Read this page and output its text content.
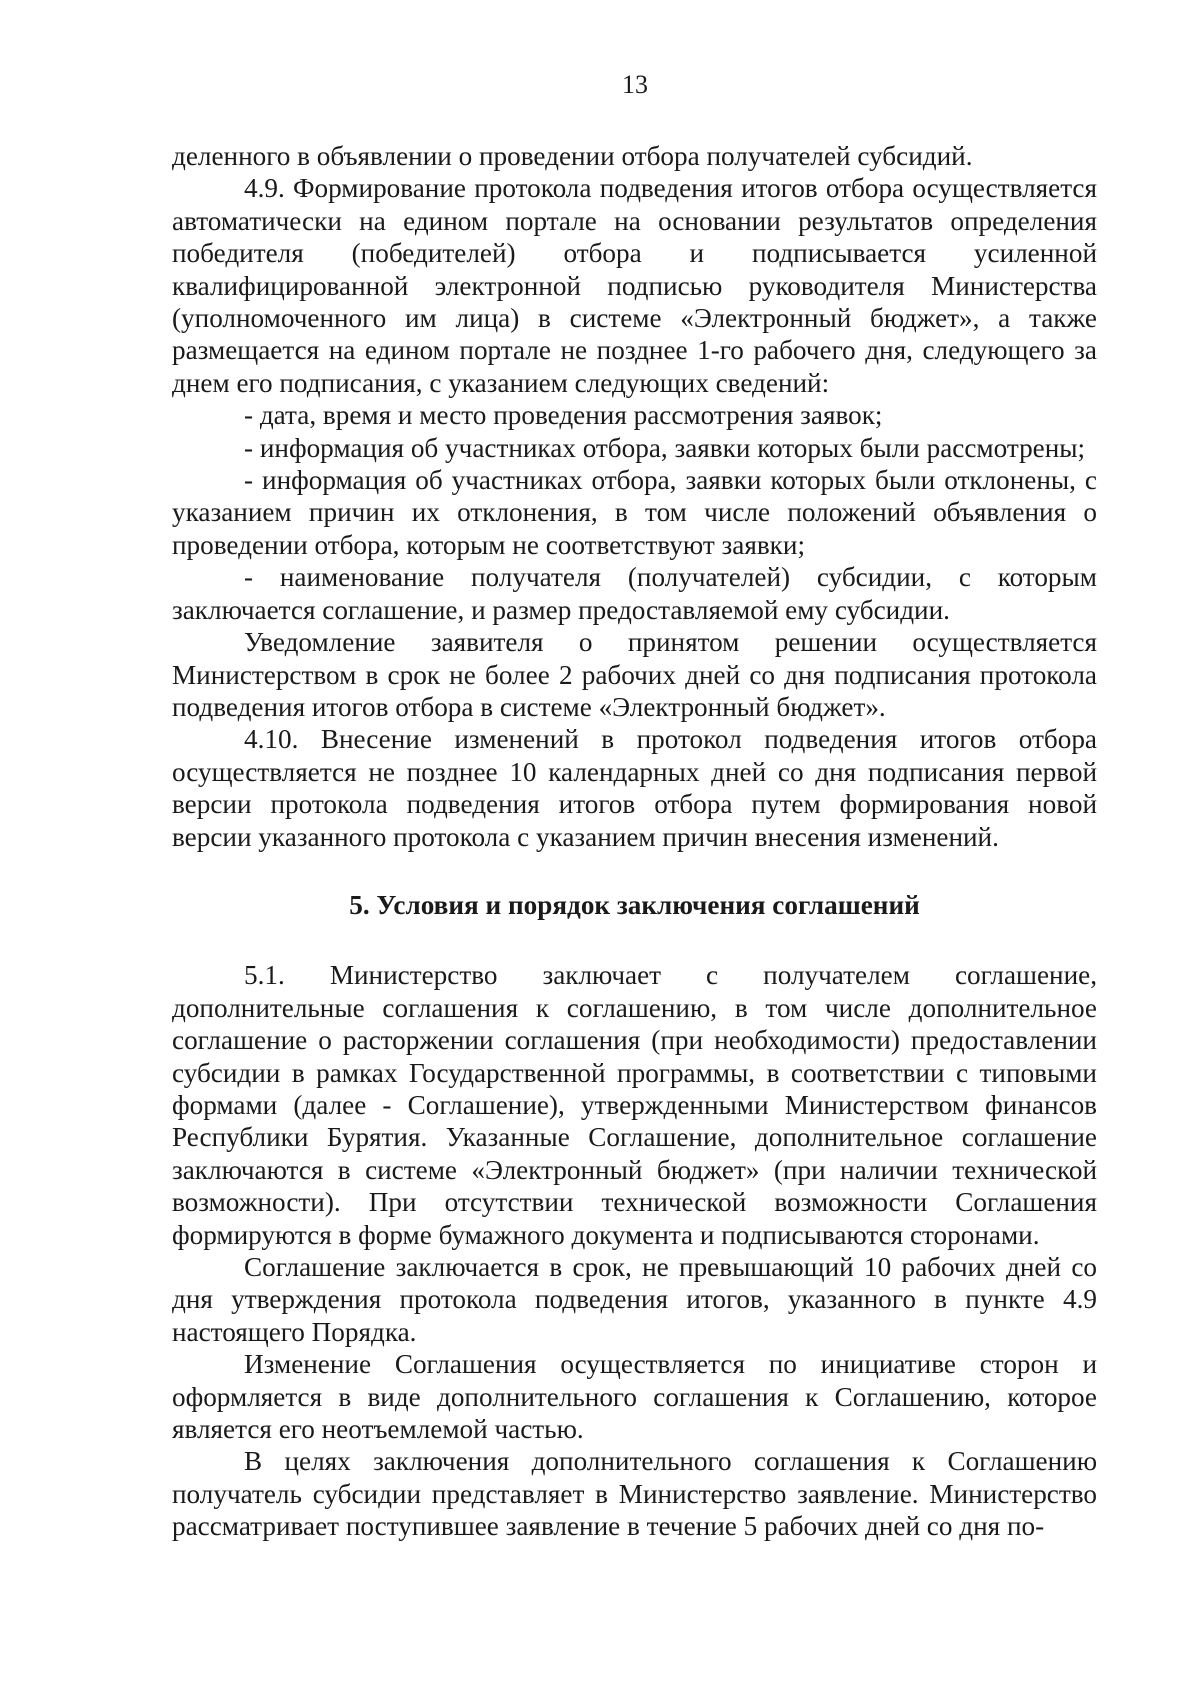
13

деленного в объявлении о проведении отбора получателей субсидий.

4.9. Формирование протокола подведения итогов отбора осуществляется автоматически на едином портале на основании результатов определения победителя (победителей) отбора и подписывается усиленной квалифицированной электронной подписью руководителя Министерства (уполномоченного им лица) в системе «Электронный бюджет», а также размещается на едином портале не позднее 1-го рабочего дня, следующего за днем его подписания, с указанием следующих сведений:

- дата, время и место проведения рассмотрения заявок;

- информация об участниках отбора, заявки которых были рассмотрены;

- информация об участниках отбора, заявки которых были отклонены, с указанием причин их отклонения, в том числе положений объявления о проведении отбора, которым не соответствуют заявки;

- наименование получателя (получателей) субсидии, с которым заключается соглашение, и размер предоставляемой ему субсидии.

Уведомление заявителя о принятом решении осуществляется Министерством в срок не более 2 рабочих дней со дня подписания протокола подведения итогов отбора в системе «Электронный бюджет».

4.10. Внесение изменений в протокол подведения итогов отбора осуществляется не позднее 10 календарных дней со дня подписания первой версии протокола подведения итогов отбора путем формирования новой версии указанного протокола с указанием причин внесения изменений.

5. Условия и порядок заключения соглашений

5.1. Министерство заключает с получателем соглашение, дополнительные соглашения к соглашению, в том числе дополнительное соглашение о расторжении соглашения (при необходимости) предоставлении субсидии в рамках Государственной программы, в соответствии с типовыми формами (далее - Соглашение), утвержденными Министерством финансов Республики Бурятия. Указанные Соглашение, дополнительное соглашение заключаются в системе «Электронный бюджет» (при наличии технической возможности). При отсутствии технической возможности Соглашения формируются в форме бумажного документа и подписываются сторонами.

Соглашение заключается в срок, не превышающий 10 рабочих дней со дня утверждения протокола подведения итогов, указанного в пункте 4.9 настоящего Порядка.

Изменение Соглашения осуществляется по инициативе сторон и оформляется в виде дополнительного соглашения к Соглашению, которое является его неотъемлемой частью.

В целях заключения дополнительного соглашения к Соглашению получатель субсидии представляет в Министерство заявление. Министерство рассматривает поступившее заявление в течение 5 рабочих дней со дня по-
